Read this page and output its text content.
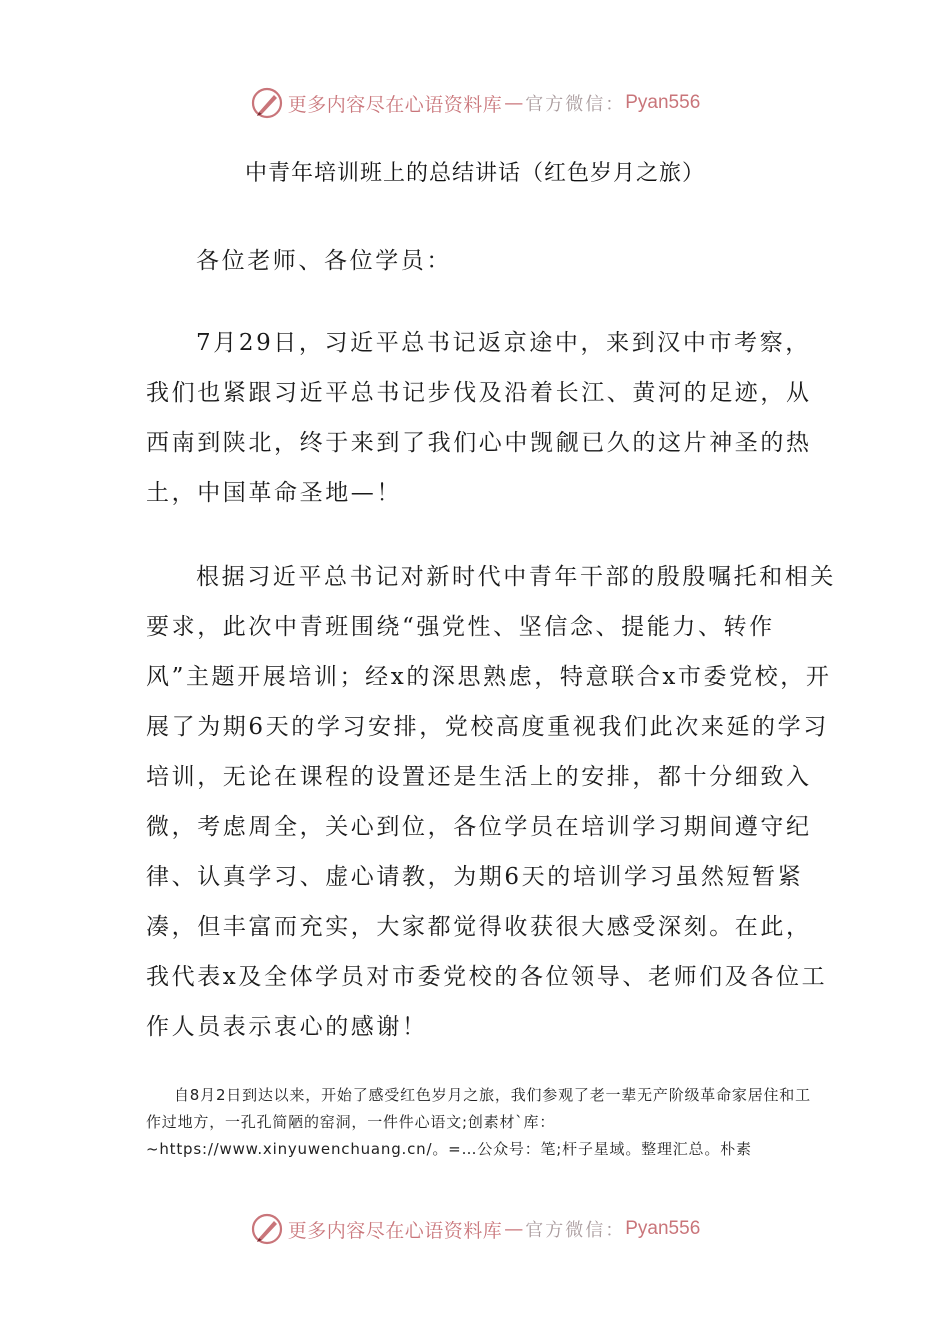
更多内容尽在心语资料库 — 官方微信： Pyan556
中青年培训班上的总结讲话（红色岁月之旅）

各位老师、各位学员：

7月29日，习近平总书记返京途中，来到汉中市考察，我们也紧跟习近平总书记步伐及沿着长江、黄河的足迹，从西南到陕北，终于来到了我们心中觊觎已久的这片神圣的热土，中国革命圣地—！

根据习近平总书记对新时代中青年干部的殷殷嘱托和相关要求，此次中青班围绕“强党性、坚信念、提能力、转作风”主题开展培训；经x的深思熟虑，特意联合x市委党校，开展了为期6天的学习安排，党校高度重视我们此次来延的学习培训，无论在课程的设置还是生活上的安排，都十分细致入微，考虑周全，关心到位，各位学员在培训学习期间遵守纪律、认真学习、虚心请教，为期6天的培训学习虽然短暂紧凑，但丰富而充实，大家都觉得收获很大感受深刻。在此，我代表x及全体学员对市委党校的各位领导、老师们及各位工作人员表示衷心的感谢！

自8月2日到达以来，开始了感受红色岁月之旅，我们参观了老一辈无产阶级革命家居住和工作过地方，一孔孔简陋的窑洞，一件件心语文;创素材`库：~https://www.xinyuwenchuang.cn/。=…公众号：笔;杆子星域。整理汇总。朴素

更多内容尽在心语资料库 — 官方微信： Pyan556
